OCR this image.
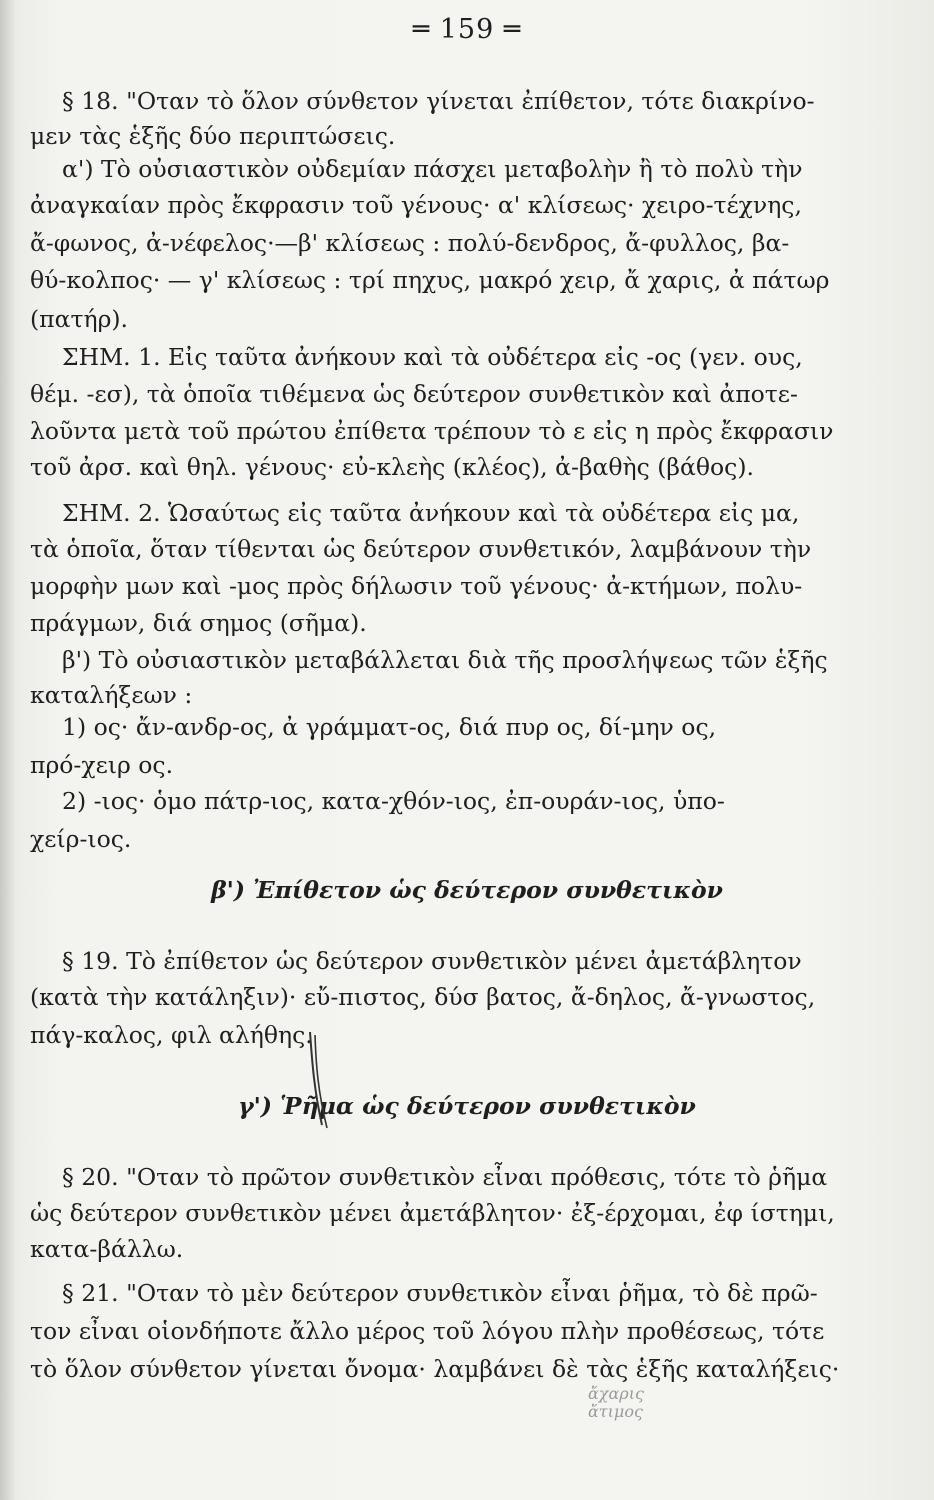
═ 159 ═
§ 18. "Οταν τὸ ὅλον σύνθετον γίνεται ἐπίθετον, τότε διακρίνο-
μεν τὰς ἑξῆς δύο περιπτώσεις.
α') Τὸ οὐσιαστικὸν οὐδεμίαν πάσχει μεταβολὴν ἢ τὸ πολὺ τὴν
ἀναγκαίαν πρὸς ἔκφρασιν τοῦ γένους· α' κλίσεως· χειρο-τέχνης,
ἄ-φωνος, ἀ-νέφελος·—β' κλίσεως : πολύ-δενδρος, ἄ-φυλλος, βα-
θύ-κολπος· — γ' κλίσεως : τρί πηχυς, μακρό χειρ, ἄ χαρις, ἀ πάτωρ
(πατήρ).
ΣΗΜ. 1. Εἰς ταῦτα ἀνήκουν καὶ τὰ οὐδέτερα εἰς -ος (γεν. ους,
θέμ. -εσ), τὰ ὁποῖα τιθέμενα ὡς δεύτερον συνθετικὸν καὶ ἀποτε-
λοῦντα μετὰ τοῦ πρώτου ἐπίθετα τρέπουν τὸ ε εἰς η πρὸς ἔκφρασιν
τοῦ ἀρσ. καὶ θηλ. γένους· εὐ-κλεὴς (κλέος), ἀ-βαθὴς (βάθος).
ΣΗΜ. 2. Ὡσαύτως εἰς ταῦτα ἀνήκουν καὶ τὰ οὐδέτερα εἰς μα,
τὰ ὁποῖα, ὅταν τίθενται ὡς δεύτερον συνθετικόν, λαμβάνουν τὴν
μορφὴν μων καὶ -μος πρὸς δήλωσιν τοῦ γένους· ἀ-κτήμων, πολυ-
πράγμων, διά σημος (σῆμα).
β') Τὸ οὐσιαστικὸν μεταβάλλεται διὰ τῆς προσλήψεως τῶν ἑξῆς
καταλήξεων :
1) ος· ἄν-ανδρ-ος, ἀ γράμματ-ος, διά πυρ ος, δί-μην ος,
πρό-χειρ ος.
2) -ιος· ὁμο πάτρ-ιος, κατα-χθόν-ιος, ἐπ-ουράν-ιος, ὑπο-
χείρ-ιος.
β') Ἐπίθετον ὡς δεύτερον συνθετικὸν
§ 19. Τὸ ἐπίθετον ὡς δεύτερον συνθετικὸν μένει ἀμετάβλητον
(κατὰ τὴν κατάληξιν)· εὔ-πιστος, δύσ βατος, ἄ-δηλος, ἄ-γνωστος,
πάγ-καλος, φιλ αλήθης.
γ') Ῥῆμα ὡς δεύτερον συνθετικὸν
§ 20. "Οταν τὸ πρῶτον συνθετικὸν εἶναι πρόθεσις, τότε τὸ ῥῆμα
ὡς δεύτερον συνθετικὸν μένει ἀμετάβλητον· ἐξ-έρχομαι, ἐφ ίστημι,
κατα-βάλλω.
§ 21. "Οταν τὸ μὲν δεύτερον συνθετικὸν εἶναι ῥῆμα, τὸ δὲ πρῶ-
τον εἶναι οἱονδήποτε ἄλλο μέρος τοῦ λόγου πλὴν προθέσεως, τότε
τὸ ὅλον σύνθετον γίνεται ὄνομα· λαμβάνει δὲ τὰς ἑξῆς καταλήξεις·
ἄχαρις
ἄτιμος
